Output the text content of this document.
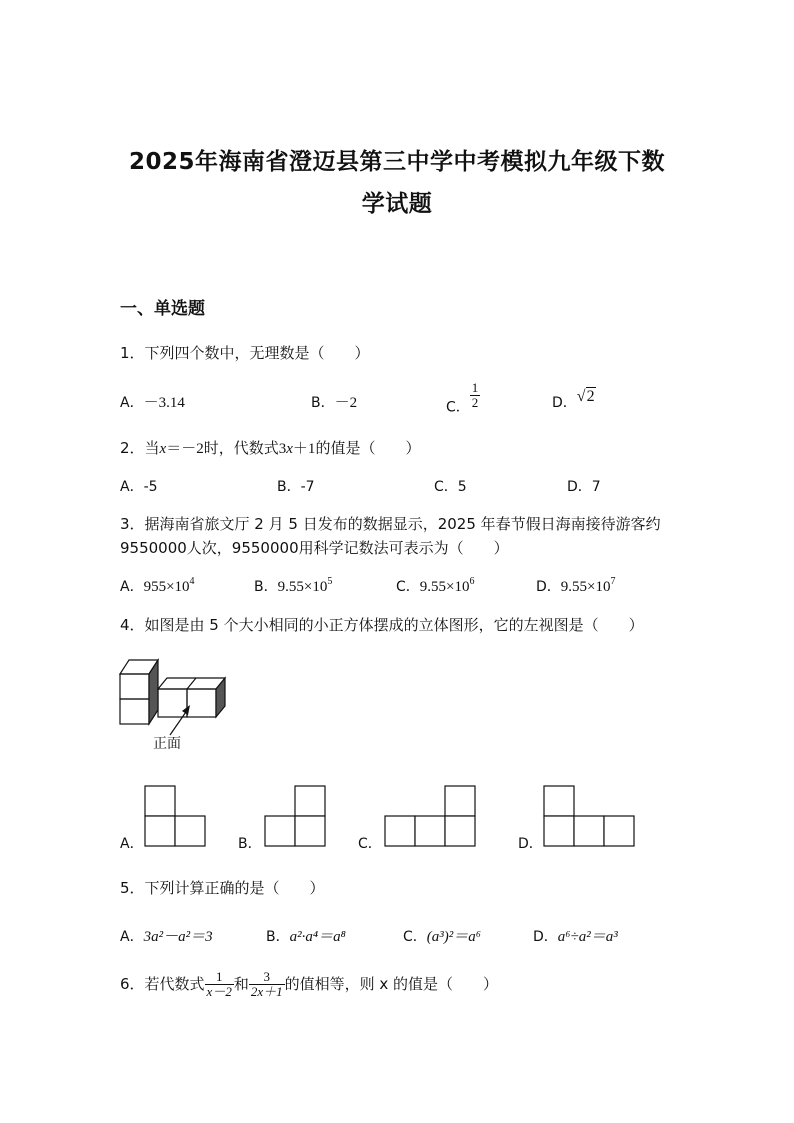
2025年海南省澄迈县第三中学中考模拟九年级下数
学试题
一、单选题
1．下列四个数中，无理数是（　　）
A．－3.14	B．－2	C． $\frac{1}{2}$	D．√2
2．当x＝－2时，代数式3x＋1的值是（　　）
A．-5	B．-7	C．5	D．7
3．据海南省旅文厅 2 月 5 日发布的数据显示，2025 年春节假日海南接待游客约
9550000人次，9550000用科学记数法可表示为（　　）
A．$955\times 10^4$	B．$9.55\times 10^5$	C．$9.55\times 10^6$	D．$9.55\times 10^7$
4．如图是由 5 个大小相同的小正方体摆成的立体图形，它的左视图是（　　）
正面
A．	B．	C．	D．
5．下列计算正确的是（　　）
A．3a²－a²＝3	B．a²·a⁴＝a⁸	C．(a³)²＝a⁶	D．a⁶÷a²＝a³
6．若代数式 $\frac{1}{x-2}$ 和 $\frac{3}{2x+1}$ 的值相等，则 x 的值是（　　）
